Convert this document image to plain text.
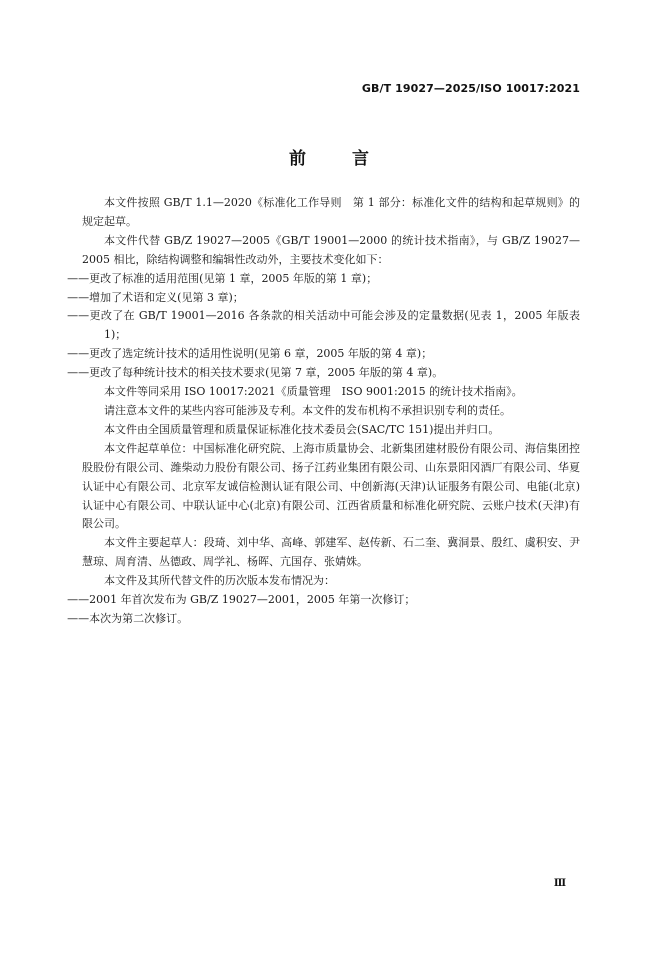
GB/T 19027—2025/ISO 10017:2021
前 言

本文件按照 GB/T 1.1—2020《标准化工作导则　第 1 部分：标准化文件的结构和起草规则》的规定起草。

本文件代替 GB/Z 19027—2005《GB/T 19001—2000 的统计技术指南》，与 GB/Z 19027—2005 相比，除结构调整和编辑性改动外，主要技术变化如下：

——更改了标准的适用范围(见第 1 章，2005 年版的第 1 章)；

——增加了术语和定义(见第 3 章)；

——更改了在 GB/T 19001—2016 各条款的相关活动中可能会涉及的定量数据(见表 1，2005 年版表 1)；

——更改了选定统计技术的适用性说明(见第 6 章，2005 年版的第 4 章)；

——更改了每种统计技术的相关技术要求(见第 7 章，2005 年版的第 4 章)。

本文件等同采用 ISO 10017:2021《质量管理　ISO 9001:2015 的统计技术指南》。

请注意本文件的某些内容可能涉及专利。本文件的发布机构不承担识别专利的责任。

本文件由全国质量管理和质量保证标准化技术委员会(SAC/TC 151)提出并归口。

本文件起草单位：中国标准化研究院、上海市质量协会、北新集团建材股份有限公司、海信集团控股股份有限公司、潍柴动力股份有限公司、扬子江药业集团有限公司、山东景阳冈酒厂有限公司、华夏认证中心有限公司、北京军友诚信检测认证有限公司、中创新海(天津)认证服务有限公司、电能(北京)认证中心有限公司、中联认证中心(北京)有限公司、江西省质量和标准化研究院、云账户技术(天津)有限公司。

本文件主要起草人：段琦、刘中华、高峰、郭建军、赵传新、石二奎、冀洞景、殷红、虞积安、尹慧琼、周育清、丛德政、周学礼、杨晖、亢国存、张婧姝。

本文件及其所代替文件的历次版本发布情况为：

——2001 年首次发布为 GB/Z 19027—2001，2005 年第一次修订；

——本次为第二次修订。

Ⅲ
